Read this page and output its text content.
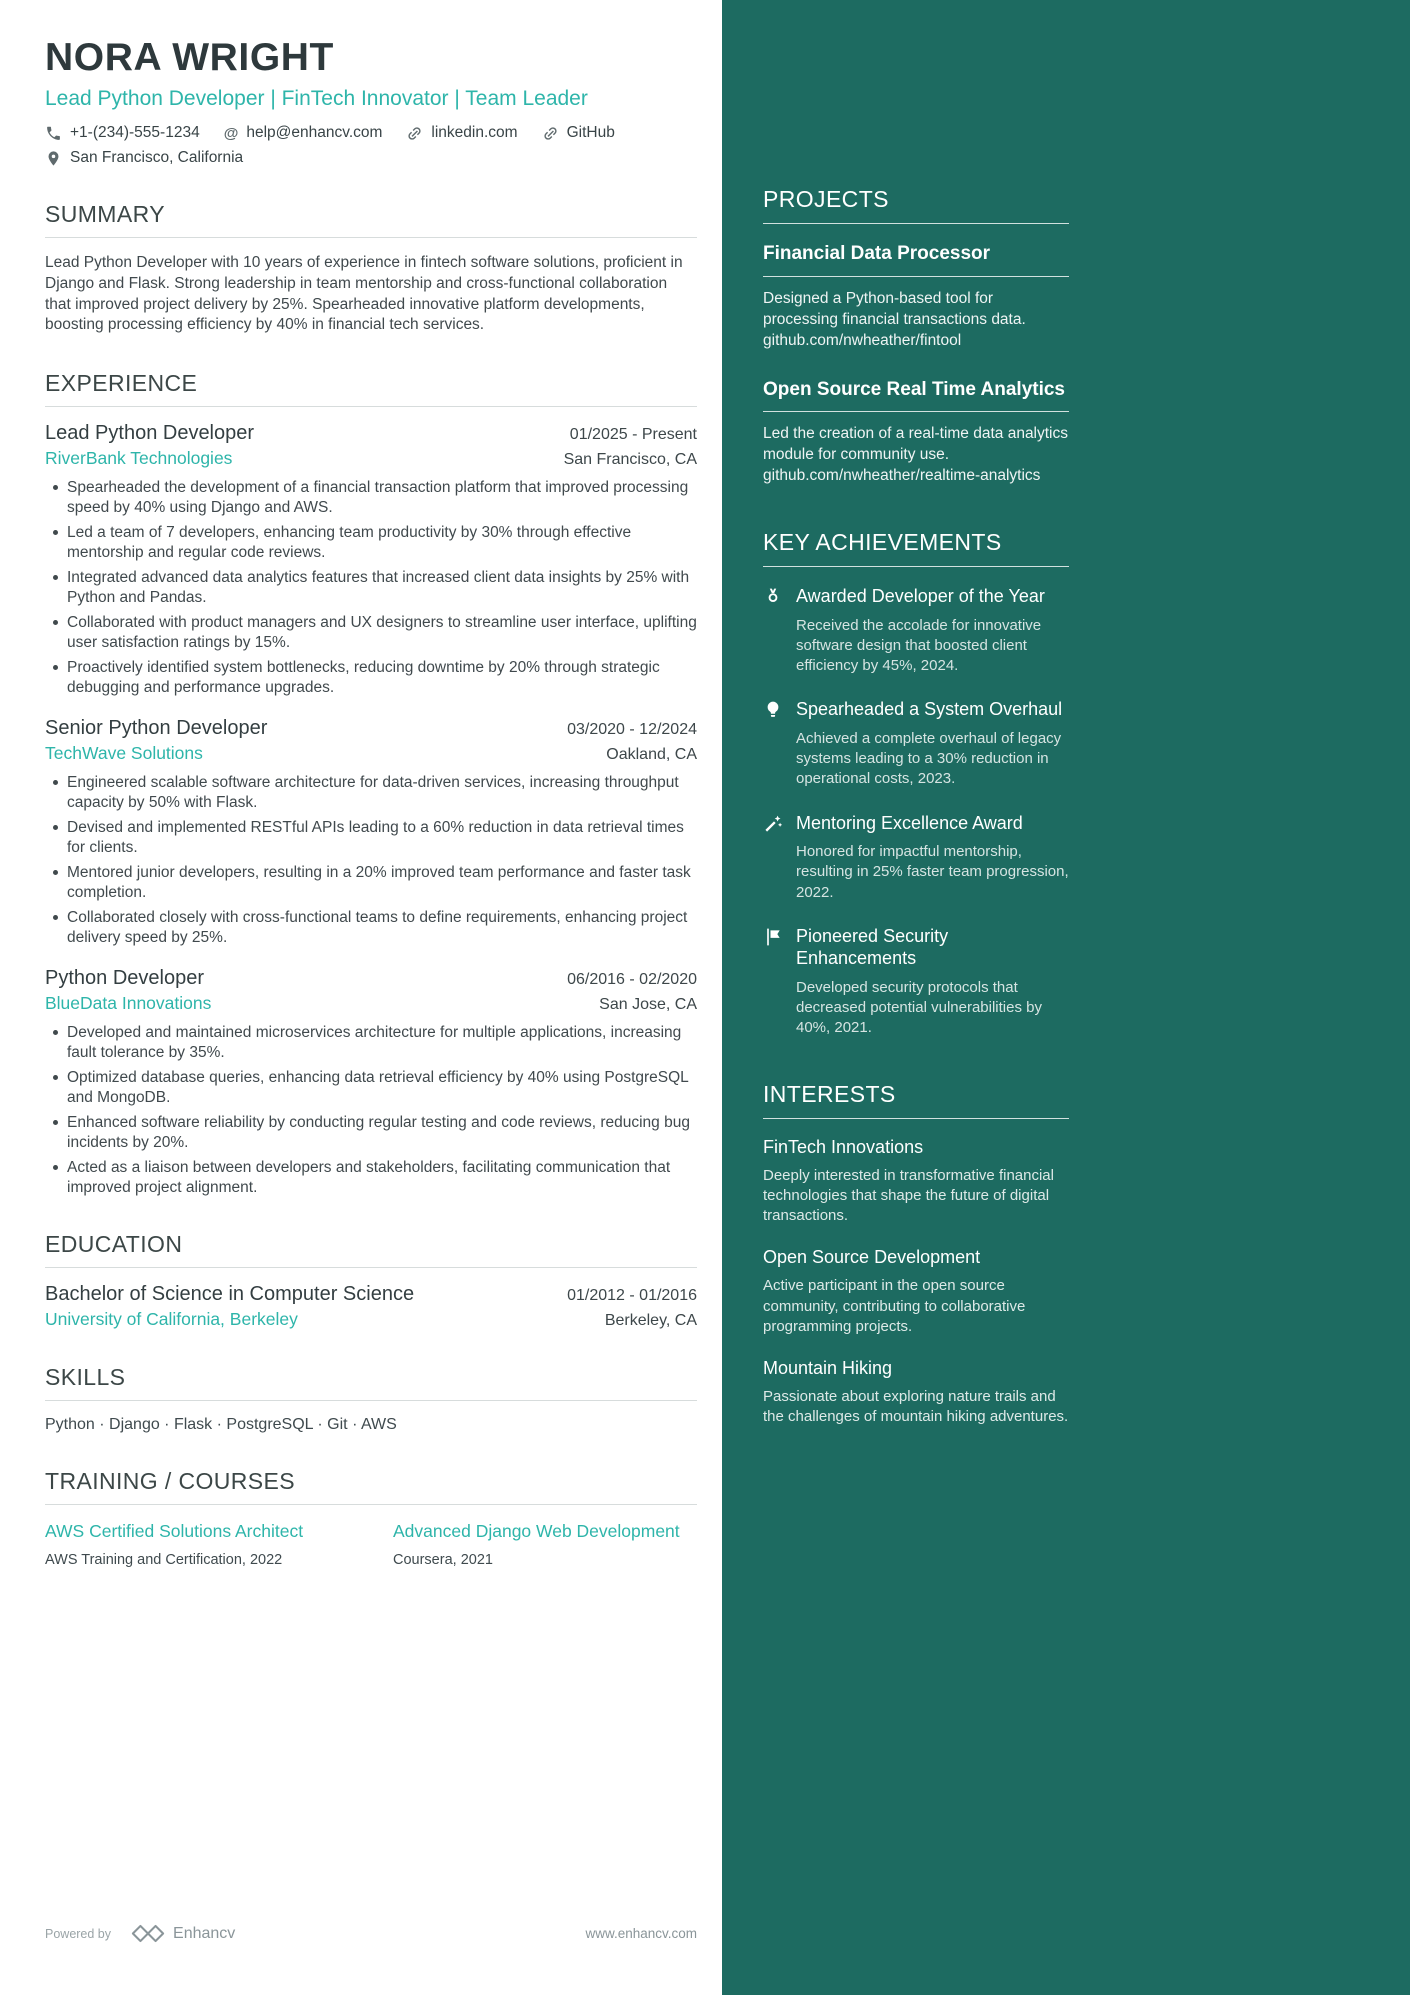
NORA WRIGHT
Lead Python Developer | FinTech Innovator | Team Leader
+1-(234)-555-1234 @ help@enhancv.com	linkedin.com	GitHub
San Francisco, California
SUMMARY

Lead Python Developer with 10 years of experience in fintech software solutions, proficient in Django and Flask. Strong leadership in team mentorship and cross-functional collaboration that improved project delivery by 25%. Spearheaded innovative platform developments, boosting processing efficiency by 40% in financial tech services.

EXPERIENCE
Lead Python Developer	01/2025 - Present
RiverBank Technologies	San Francisco, CA
Spearheaded the development of a financial transaction platform that improved processing speed by 40% using Django and AWS.
Led a team of 7 developers, enhancing team productivity by 30% through effective mentorship and regular code reviews.
Integrated advanced data analytics features that increased client data insights by 25% with Python and Pandas.
Collaborated with product managers and UX designers to streamline user interface, uplifting user satisfaction ratings by 15%.
Proactively identified system bottlenecks, reducing downtime by 20% through strategic debugging and performance upgrades.
Senior Python Developer	03/2020 - 12/2024
TechWave Solutions	Oakland, CA
Engineered scalable software architecture for data-driven services, increasing throughput capacity by 50% with Flask.
Devised and implemented RESTful APIs leading to a 60% reduction in data retrieval times for clients.
Mentored junior developers, resulting in a 20% improved team performance and faster task completion.
Collaborated closely with cross-functional teams to define requirements, enhancing project delivery speed by 25%.
Python Developer	06/2016 - 02/2020
BlueData Innovations	San Jose, CA
Developed and maintained microservices architecture for multiple applications, increasing fault tolerance by 35%.
Optimized database queries, enhancing data retrieval efficiency by 40% using PostgreSQL and MongoDB.
Enhanced software reliability by conducting regular testing and code reviews, reducing bug incidents by 20%.
Acted as a liaison between developers and stakeholders, facilitating communication that improved project alignment.
EDUCATION
Bachelor of Science in Computer Science	01/2012 - 01/2016
University of California, Berkeley	Berkeley, CA
SKILLS

Python · Django · Flask · PostgreSQL · Git · AWS

TRAINING / COURSES
AWS Certified Solutions Architect
AWS Training and Certification, 2022
Advanced Django Web Development
Coursera, 2021
Powered by	Enhancv	www.enhancv.com
PROJECTS
Financial Data Processor

Designed a Python-based tool for processing financial transactions data.
github.com/nwheather/fintool

Open Source Real Time Analytics

Led the creation of a real-time data analytics module for community use.
github.com/nwheather/realtime-analytics

KEY ACHIEVEMENTS
Awarded Developer of the Year

Received the accolade for innovative software design that boosted client efficiency by 45%, 2024.

Spearheaded a System Overhaul

Achieved a complete overhaul of legacy systems leading to a 30% reduction in operational costs, 2023.

Mentoring Excellence Award

Honored for impactful mentorship, resulting in 25% faster team progression, 2022.

Pioneered Security Enhancements

Developed security protocols that decreased potential vulnerabilities by 40%, 2021.

INTERESTS
FinTech Innovations

Deeply interested in transformative financial technologies that shape the future of digital transactions.

Open Source Development

Active participant in the open source community, contributing to collaborative programming projects.

Mountain Hiking

Passionate about exploring nature trails and the challenges of mountain hiking adventures.
